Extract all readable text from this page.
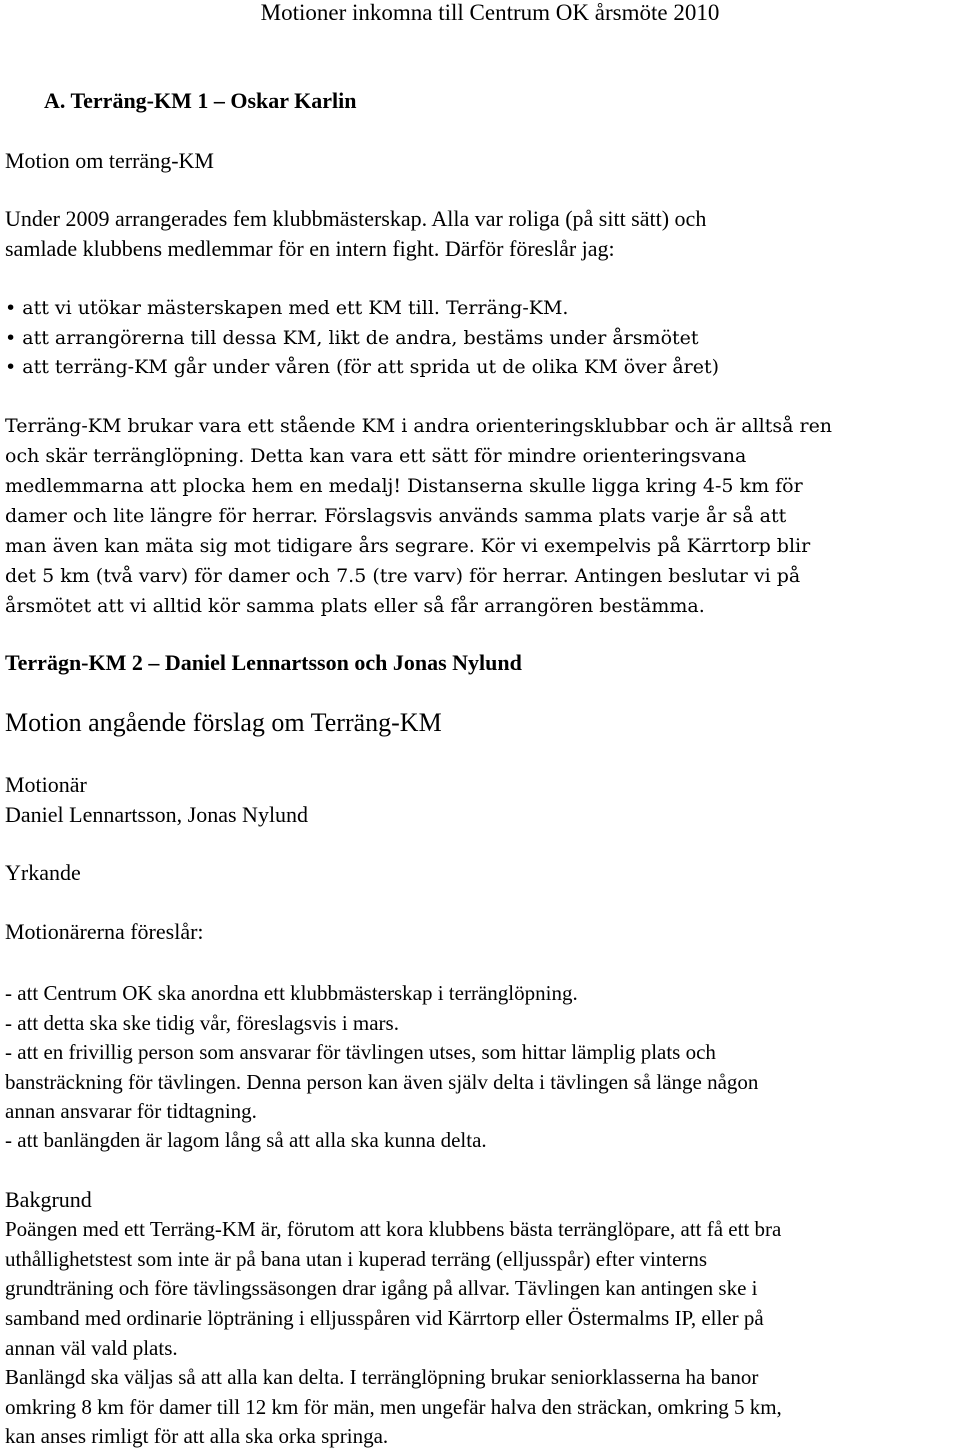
Motioner inkomna till Centrum OK årsmöte 2010
A. Terräng-KM 1 – Oskar Karlin
Motion om terräng-KM
Under 2009 arrangerades fem klubbmästerskap. Alla var roliga (på sitt sätt) och
samlade klubbens medlemmar för en intern fight. Därför föreslår jag:
• att vi utökar mästerskapen med ett KM till. Terräng-KM.
• att arrangörerna till dessa KM, likt de andra, bestäms under årsmötet
• att terräng-KM går under våren (för att sprida ut de olika KM över året)
Terräng-KM brukar vara ett stående KM i andra orienteringsklubbar och är alltså ren
och skär terränglöpning. Detta kan vara ett sätt för mindre orienteringsvana
medlemmarna att plocka hem en medalj! Distanserna skulle ligga kring 4-5 km för
damer och lite längre för herrar. Förslagsvis används samma plats varje år så att
man även kan mäta sig mot tidigare års segrare. Kör vi exempelvis på Kärrtorp blir
det 5 km (två varv) för damer och 7.5 (tre varv) för herrar. Antingen beslutar vi på
årsmötet att vi alltid kör samma plats eller så får arrangören bestämma.
Terrägn-KM 2 – Daniel Lennartsson och Jonas Nylund
Motion angående förslag om Terräng-KM
Motionär
Daniel Lennartsson, Jonas Nylund
Yrkande
Motionärerna föreslår:
- att Centrum OK ska anordna ett klubbmästerskap i terränglöpning.
- att detta ska ske tidig vår, föreslagsvis i mars.
- att en frivillig person som ansvarar för tävlingen utses, som hittar lämplig plats och
bansträckning för tävlingen. Denna person kan även själv delta i tävlingen så länge någon
annan ansvarar för tidtagning.
- att banlängden är lagom lång så att alla ska kunna delta.
Bakgrund
Poängen med ett Terräng-KM är, förutom att kora klubbens bästa terränglöpare, att få ett bra
uthållighetstest som inte är på bana utan i kuperad terräng (elljusspår) efter vinterns
grundträning och före tävlingssäsongen drar igång på allvar. Tävlingen kan antingen ske i
samband med ordinarie löpträning i elljusspåren vid Kärrtorp eller Östermalms IP, eller på
annan väl vald plats.
Banlängd ska väljas så att alla kan delta. I terränglöpning brukar seniorklasserna ha banor
omkring 8 km för damer till 12 km för män, men ungefär halva den sträckan, omkring 5 km,
kan anses rimligt för att alla ska orka springa.
